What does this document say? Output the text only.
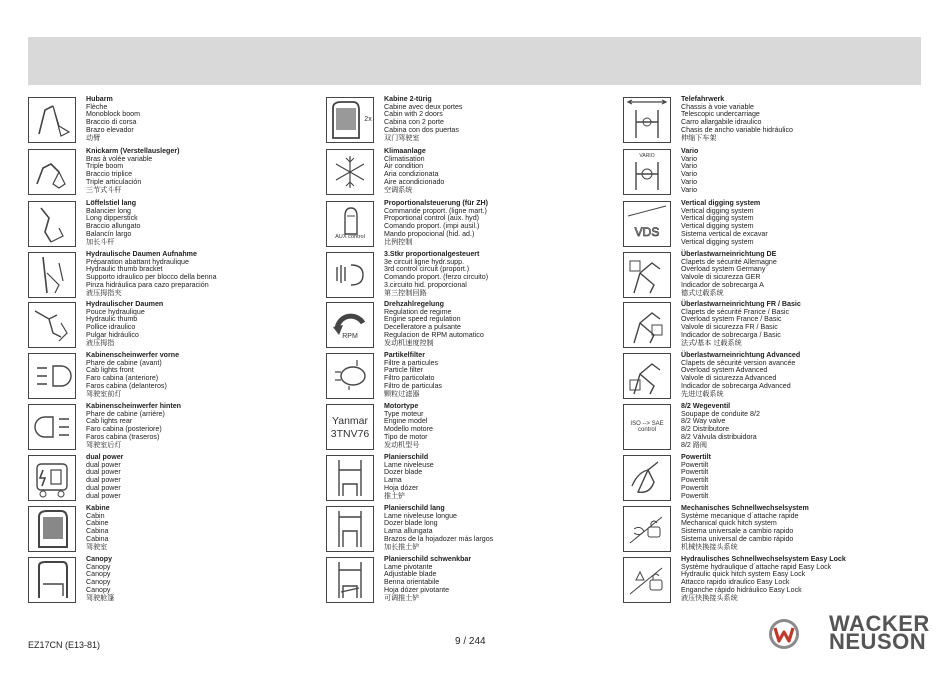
Hubarm
Flèche
Monoblock boom
Braccio di corsa
Brazo elevador
动臂
Knickarm (Verstellausleger)
Bras à volée variable
Triple boom
Braccio triplice
Triple articulación
三节式斗杆
Löffelstiel lang
Balancier long
Long dipperstick
Braccio allungato
Balancín largo
加长斗杆
Hydraulische Daumen Aufnahme
Préparation abattant hydraulique
Hydraulic thumb bracket
Supporto idraulico per blocco della benna
Pinza hidráulica para cazo preparación
液压拇指夹
Hydraulischer Daumen
Pouce hydraulique
Hydraulic thumb
Pollice idraulico
Pulgar hidráulico
液压拇指
Kabinenscheinwerfer vorne
Phare de cabine (avant)
Cab lights front
Faro cabina (anteriore)
Faros cabina (delanteros)
驾驶室前灯
Kabinenscheinwerfer hinten
Phare de cabine (arrière)
Cab lights rear
Faro cabina (posteriore)
Faros cabina (traseros)
驾驶室后灯
dual power
dual power
dual power
dual power
dual power
dual power
Kabine
Cabin
Cabine
Cabina
Cabina
驾驶室
Canopy
Canopy
Canopy
Canopy
Canopy
驾驶舱篷
2x
Kabine 2-türig
Cabine avec deux portes
Cabin with 2 doors
Cabina con 2 porte
Cabina con dos puertas
双门驾驶室
Klimaanlage
Climatisation
Air condition
Aria condizionata
Aire acondicionado
空调系统
AUX control
Proportionalsteuerung (für ZH)
Commande proport. (ligne mart.)
Proportional control (aux. hyd)
Comando proport. (impi ausil.)
Mando propocional (hid. ad.)
比例控制
3.Stkr proportionalgesteuert
3e circuit ligne hydr.supp.
3rd control circuit (proport.)
Comando proport. (ferzo circuito)
3.circuito hid. proporcional
第三控制回路
RPM
Drehzahlregelung
Regulation de regime
Engine speed regulation
Decelleratore a pulsante
Regulacion de RPM automatico
发动机速度控制
Partikelfilter
Filtre a particules
Particle filter
Filtro particolato
Filtro de particulas
颗粒过滤器
Yanmar
3TNV76
Motortype
Type moteur
Engine model
Modello motore
Tipo de motor
发动机型号
Planierschild
Lame niveleuse
Dozer blade
Lama
Hoja dózer
推土铲
Planierschild lang
Lame niveleuse longue
Dozer blade long
Lama allungata
Brazos de la hojadozer más largos
加长推土铲
Planierschild schwenkbar
Lame pivotante
Adjustable blade
Benna orientabile
Hoja dózer pivotante
可调推土铲
Telefahrwerk
Chassis à voie variable
Telescopic undercarriage
Carro allargabile idraulico
Chasis de ancho variable hidráulico
伸缩下车架
VARIO
Vario
Vario
Vario
Vario
Vario
Vario
VDS
Vertical digging system
Vertical digging system
Vertical digging system
Vertical digging system
Sistema vertical de excavar
Vertical digging system
Überlastwarneinrichtung DE
Clapets de sécurité Allemagne
Overload system Germany
Valvole di sicurezza GER
Indicador de sobrecarga A
德式过载系统
Überlastwarneinrichtung FR / Basic
Clapets de sécurité France / Basic
Overload system France / Basic
Valvole di sicurezza FR / Basic
Indicador de sobrecarga / Basic
法式/基本 过载系统
Überlastwarneinrichtung Advanced
Clapets de sécurité version avancée
Overload system Advanced
Valvole di sicurezza Advanced
Indicador de sobrecarga Advanced
先进过载系统
ISO --> SAE
control
8/2 Wegeventil
Soupape de conduite 8/2
8/2 Way valve
8/2 Distributore
8/2 Válvula distribuidora
8/2 路阀
Powertilt
Powertilt
Powertilt
Powertilt
Powertilt
Powertilt
Mechanisches Schnellwechselsystem
Système mecanique d´attache rapide
Mechanical quick hitch system
Sistema universale a cambio rapido
Sistema universal de cambio rápido
机械快换接头系统
Hydraulisches Schnellwechselsystem Easy Lock
Système hydraulique d´attache rapid Easy Lock
Hydraulic quick hitch system Easy Lock
Attacco rapido idraulico Easy Lock
Enganche rápido hidráulico Easy Lock
液压快换接头系统
EZ17CN (E13-81)	9 / 244
WACKER
NEUSON
